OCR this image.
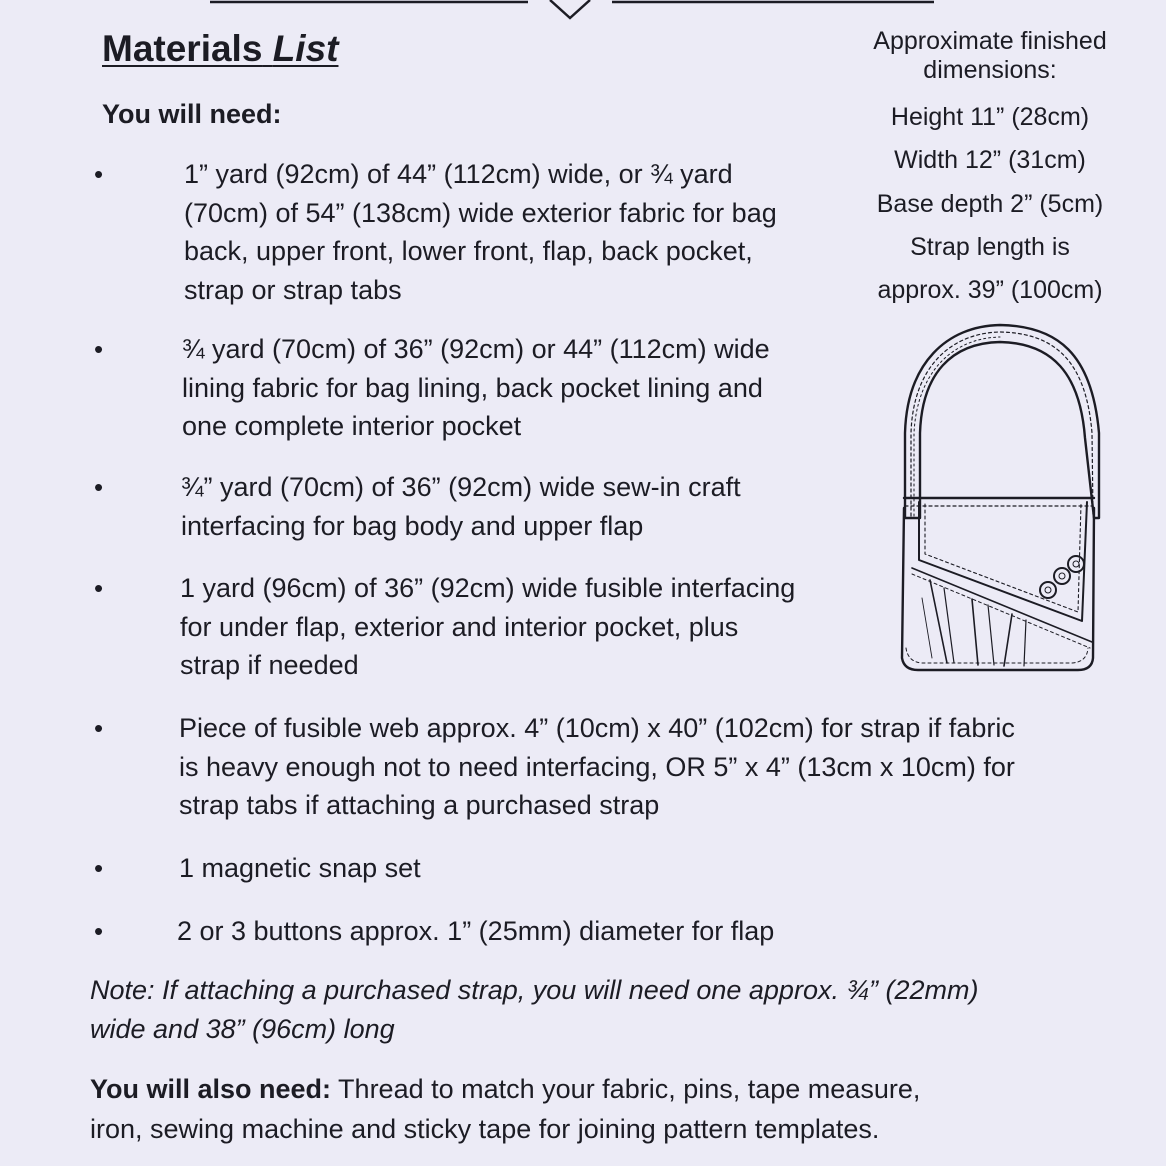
Materials List

You will need:

•	1” yard (92cm) of 44” (112cm) wide, or ¾ yard
(70cm) of 54” (138cm) wide exterior fabric for bag
back, upper front, lower front, flap, back pocket,
strap or strap tabs

•	¾ yard (70cm) of 36” (92cm) or 44” (112cm) wide
lining fabric for bag lining, back pocket lining and
one complete interior pocket

•	¾” yard (70cm) of 36” (92cm) wide sew-in craft
interfacing for bag body and upper flap

•	1 yard (96cm) of 36” (92cm) wide fusible interfacing
for under flap, exterior and interior pocket, plus
strap if needed

•	Piece of fusible web approx. 4” (10cm) x 40” (102cm) for strap if fabric
is heavy enough not to need interfacing, OR 5” x 4” (13cm x 10cm) for
strap tabs if attaching a purchased strap

•	1 magnetic snap set

•	2 or 3 buttons approx. 1” (25mm) diameter for flap

Approximate finished
dimensions:
Height 11” (28cm)
Width 12” (31cm)
Base depth 2” (5cm)
Strap length is
approx. 39” (100cm)

Note: If attaching a purchased strap, you will need one approx. ¾” (22mm)
wide and 38” (96cm) long

You will also need: Thread to match your fabric, pins, tape measure,
iron, sewing machine and sticky tape for joining pattern templates.
